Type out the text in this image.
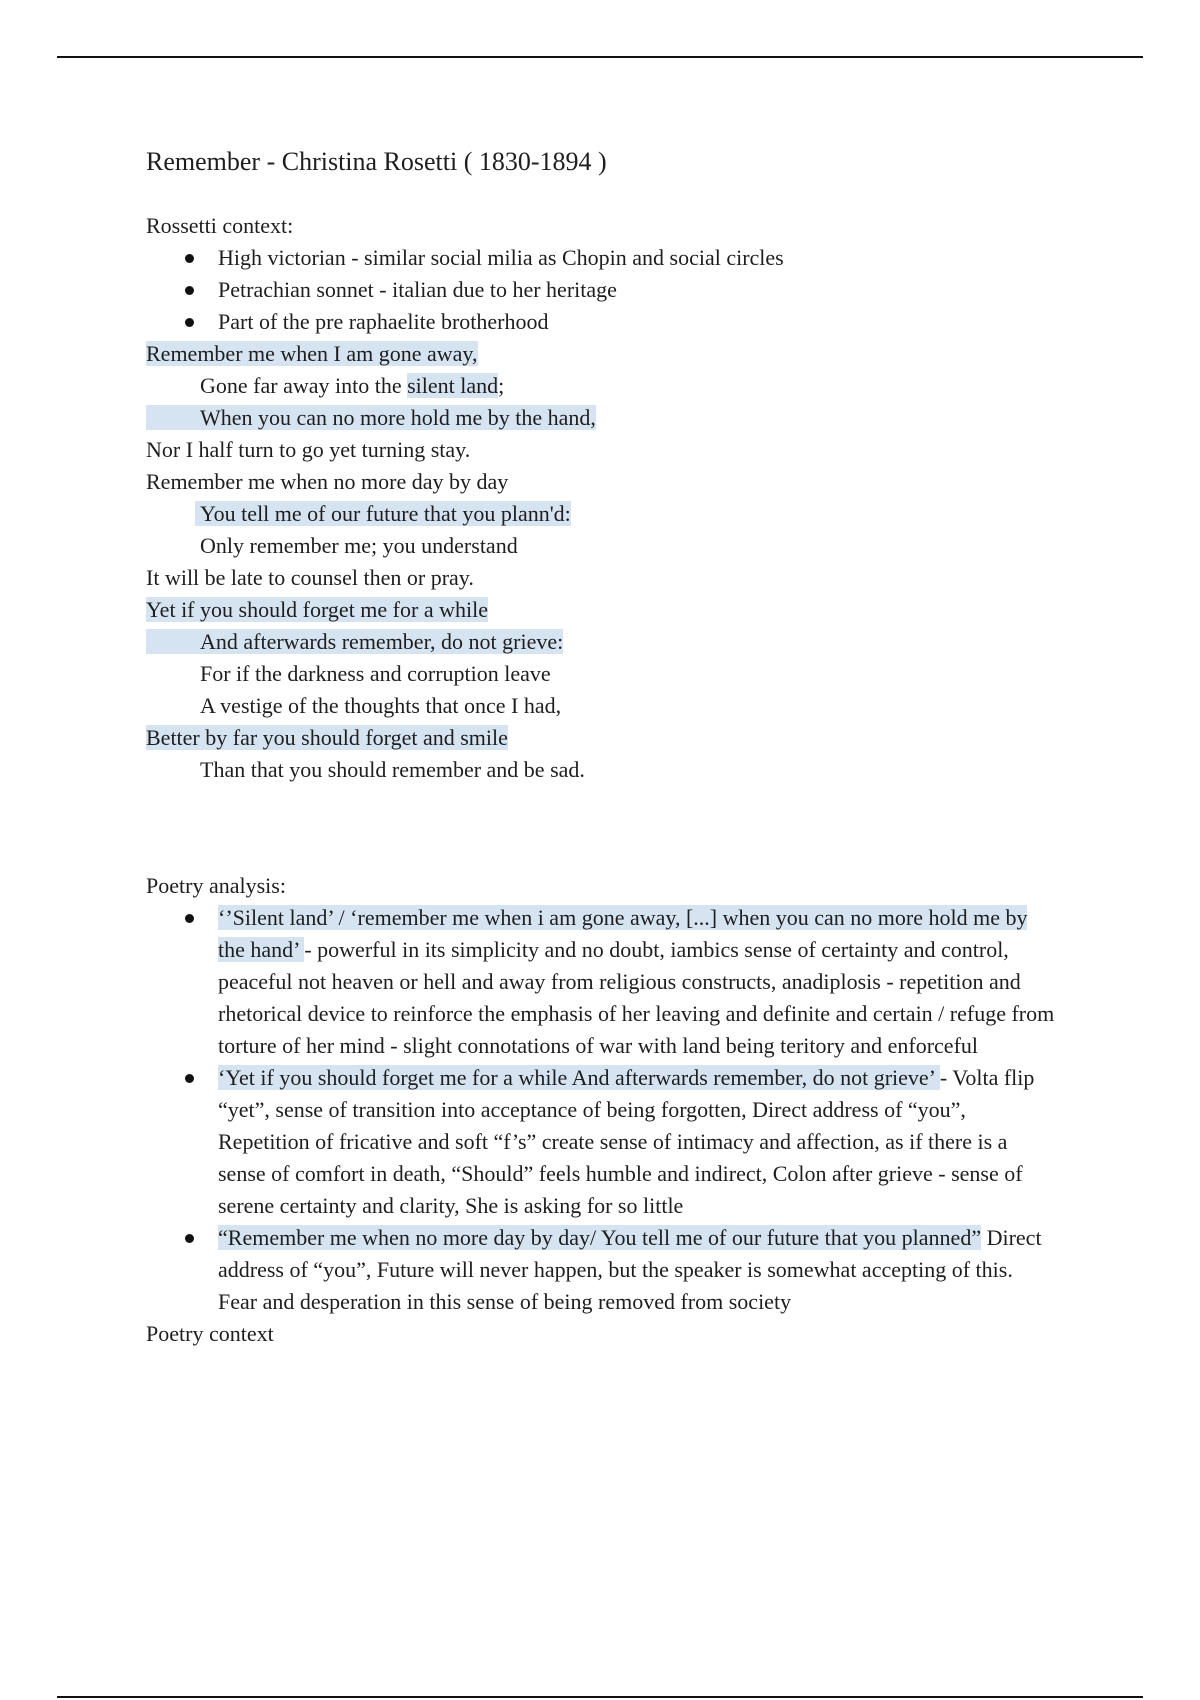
Remember - Christina Rosetti ( 1830-1894 )

Rossetti context:

High victorian - similar social milia as Chopin and social circles
Petrachian sonnet - italian due to her heritage
Part of the pre raphaelite brotherhood
Remember me when I am gone away,
Gone far away into the silent land;
When you can no more hold me by the hand,
Nor I half turn to go yet turning stay.
Remember me when no more day by day
You tell me of our future that you plann'd:
Only remember me; you understand
It will be late to counsel then or pray.
Yet if you should forget me for a while
And afterwards remember, do not grieve:
For if the darkness and corruption leave
A vestige of the thoughts that once I had,
Better by far you should forget and smile
Than that you should remember and be sad.

Poetry analysis:

‘’Silent land’ / ‘remember me when i am gone away, [...] when you can no more hold me by the hand’ - powerful in its simplicity and no doubt, iambics sense of certainty and control, peaceful not heaven or hell and away from religious constructs, anadiplosis - repetition and rhetorical device to reinforce the emphasis of her leaving and definite and certain / refuge from torture of her mind - slight connotations of war with land being teritory and enforceful
‘Yet if you should forget me for a while And afterwards remember, do not grieve’ - Volta flip “yet”, sense of transition into acceptance of being forgotten, Direct address of “you”, Repetition of fricative and soft “f’s” create sense of intimacy and affection, as if there is a sense of comfort in death, “Should” feels humble and indirect, Colon after grieve - sense of serene certainty and clarity, She is asking for so little
“Remember me when no more day by day/ You tell me of our future that you planned” Direct address of “you”, Future will never happen, but the speaker is somewhat accepting of this. Fear and desperation in this sense of being removed from society

Poetry context
